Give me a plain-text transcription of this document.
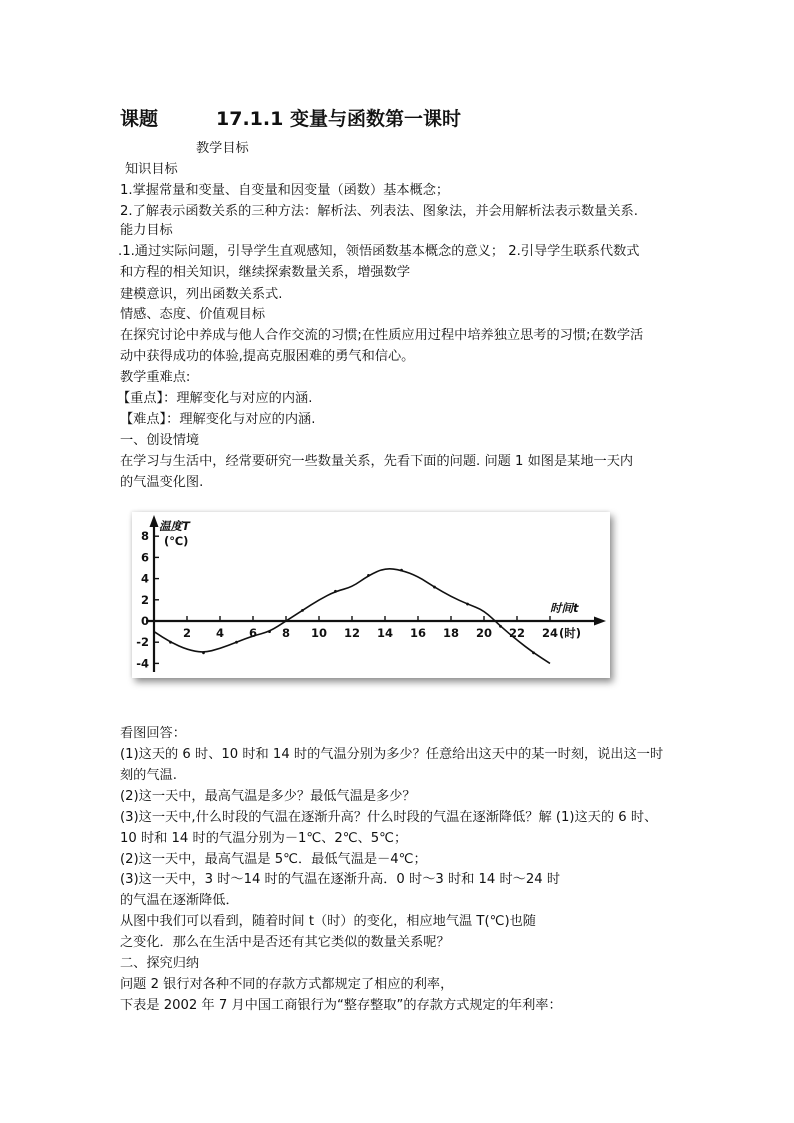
课题	17.1.1 变量与函数第一课时
教学目标
知识目标
1.掌握常量和变量、自变量和因变量（函数）基本概念；
2.了解表示函数关系的三种方法：解析法、列表法、图象法，并会用解析法表示数量关系.
能力目标
.1.通过实际问题，引导学生直观感知，领悟函数基本概念的意义； 2.引导学生联系代数式
和方程的相关知识，继续探索数量关系，增强数学
建模意识，列出函数关系式.
情感、态度、价值观目标
在探究讨论中养成与他人合作交流的习惯;在性质应用过程中培养独立思考的习惯;在数学活
动中获得成功的体验,提高克服困难的勇气和信心。
教学重难点:
【重点】：理解变化与对应的内涵.
【难点】：理解变化与对应的内涵.
一、创设情境
在学习与生活中，经常要研究一些数量关系，先看下面的问题. 问题 1 如图是某地一天内
的气温变化图.
8
6
4
2
0
-2
-4
2 4 6 8 10 12 14 16 18 20 22 24 (时)
温度T
(℃)
时间t
看图回答：
(1)这天的 6 时、10 时和 14 时的气温分别为多少？任意给出这天中的某一时刻，说出这一时
刻的气温.
(2)这一天中，最高气温是多少？最低气温是多少？
(3)这一天中,什么时段的气温在逐渐升高？什么时段的气温在逐渐降低？解 (1)这天的 6 时、
10 时和 14 时的气温分别为－1℃、2℃、5℃；
(2)这一天中，最高气温是 5℃．最低气温是－4℃；
(3)这一天中，3 时～14 时的气温在逐渐升高．0 时～3 时和 14 时～24 时
的气温在逐渐降低．
从图中我们可以看到，随着时间 t（时）的变化，相应地气温 T(℃)也随
之变化．那么在生活中是否还有其它类似的数量关系呢？
二、探究归纳
问题 2 银行对各种不同的存款方式都规定了相应的利率，
下表是 2002 年 7 月中国工商银行为“整存整取”的存款方式规定的年利率：
